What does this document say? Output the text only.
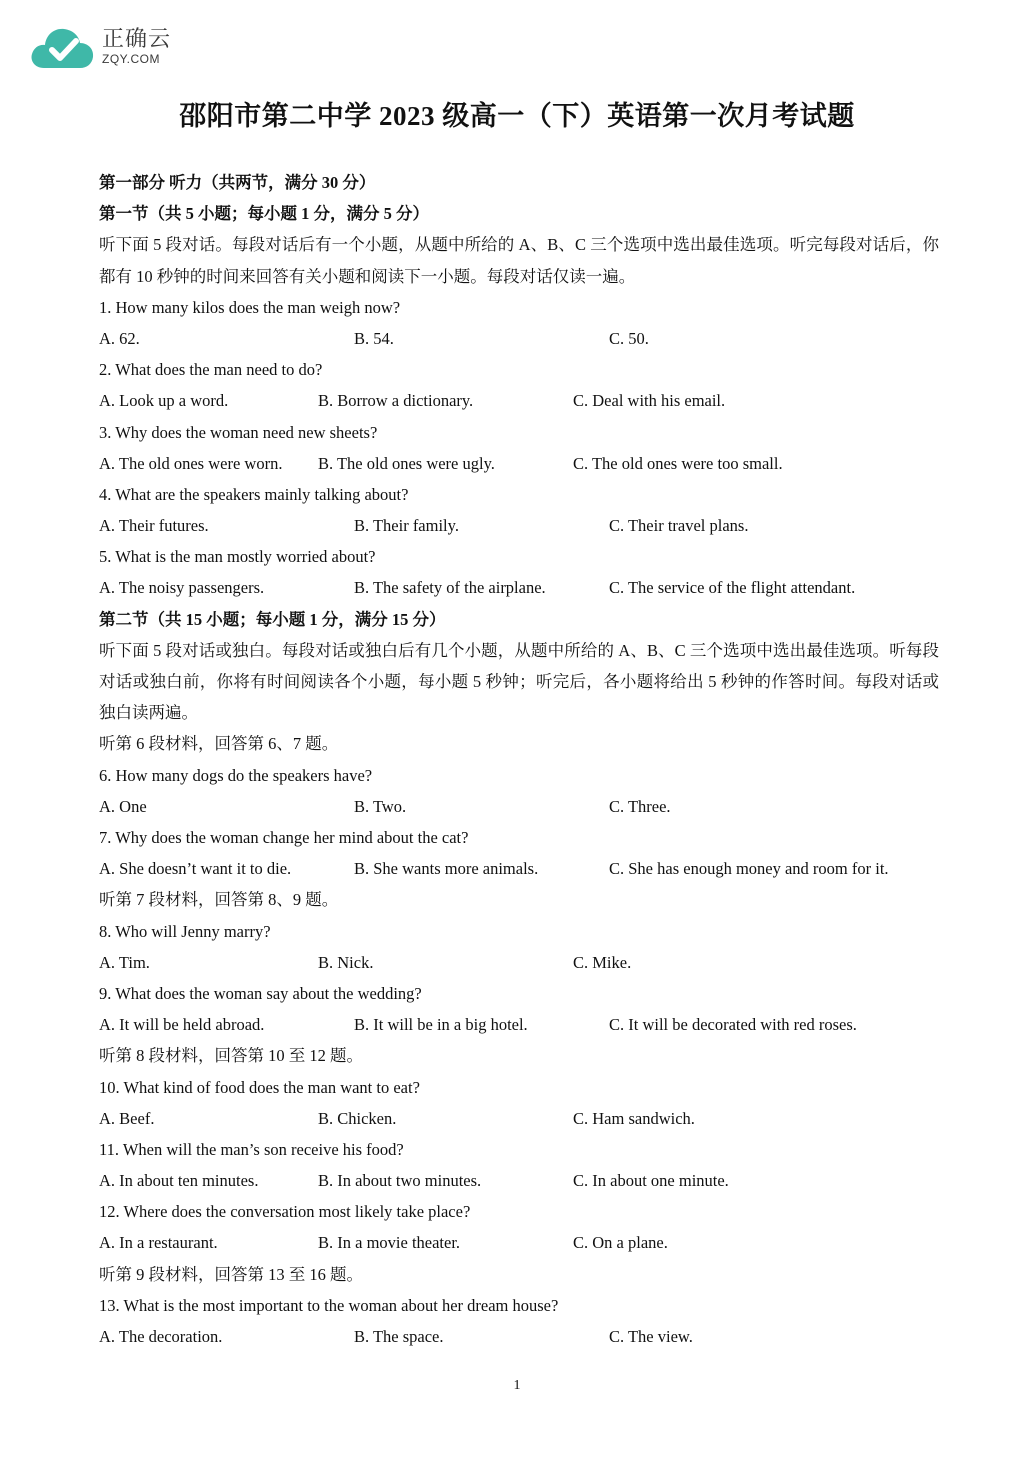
正确云
ZQY.COM
邵阳市第二中学 2023 级高一（下）英语第一次月考试题
第一部分 听力（共两节，满分 30 分）
第一节（共 5 小题；每小题 1 分，满分 5 分）
听下面 5 段对话。每段对话后有一个小题，从题中所给的 A、B、C 三个选项中选出最佳选项。听完每段对话后，你都有 10 秒钟的时间来回答有关小题和阅读下一小题。每段对话仅读一遍。
1. How many kilos does the man weigh now?
A. 62.	B. 54.	C. 50.
2. What does the man need to do?
A. Look up a word.	B. Borrow a dictionary.	C. Deal with his email.
3. Why does the woman need new sheets?
A. The old ones were worn. B. The old ones were ugly.	C. The old ones were too small.
4. What are the speakers mainly talking about?
A. Their futures.	B. Their family.	C. Their travel plans.
5. What is the man mostly worried about?
A. The noisy passengers.	B. The safety of the airplane.	C. The service of the flight attendant.
第二节（共 15 小题；每小题 1 分，满分 15 分）
听下面 5 段对话或独白。每段对话或独白后有几个小题，从题中所给的 A、B、C 三个选项中选出最佳选项。听每段对话或独白前，你将有时间阅读各个小题，每小题 5 秒钟；听完后，各小题将给出 5 秒钟的作答时间。每段对话或独白读两遍。
听第 6 段材料，回答第 6、7 题。
6. How many dogs do the speakers have?
A. One	B. Two.	C. Three.
7. Why does the woman change her mind about the cat?
A. She doesn’t want it to die.	B. She wants more animals.	C. She has enough money and room for it.
听第 7 段材料，回答第 8、9 题。
8. Who will Jenny marry?
A. Tim.	B. Nick.	C. Mike.
9. What does the woman say about the wedding?
A. It will be held abroad.	B. It will be in a big hotel.	C. It will be decorated with red roses.
听第 8 段材料，回答第 10 至 12 题。
10. What kind of food does the man want to eat?
A. Beef.	B. Chicken.	C. Ham sandwich.
11. When will the man’s son receive his food?
A. In about ten minutes.	B. In about two minutes.	C. In about one minute.
12. Where does the conversation most likely take place?
A. In a restaurant.	B. In a movie theater.	C. On a plane.
听第 9 段材料，回答第 13 至 16 题。
13. What is the most important to the woman about her dream house?
A. The decoration.	B. The space.	C. The view.
1
